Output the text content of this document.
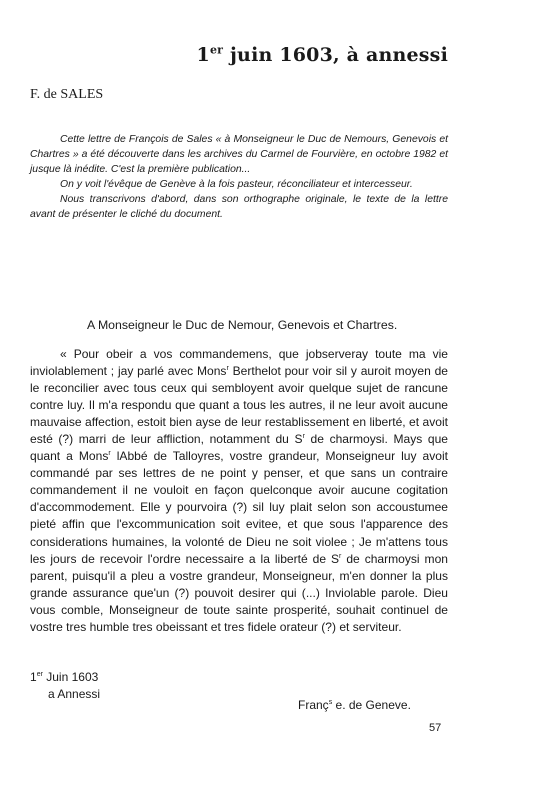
1er juin 1603, à annessi
F. de SALES

Cette lettre de François de Sales « à Monseigneur le Duc de Nemours, Genevois et Chartres » a été découverte dans les archives du Carmel de Fourvière, en octobre 1982 et jusque là inédite. C'est la première publication...

On y voit l'évêque de Genève à la fois pasteur, réconciliateur et intercesseur.

Nous transcrivons d'abord, dans son orthographe originale, le texte de la lettre avant de présenter le cliché du document.

A Monseigneur le Duc de Nemour, Genevois et Chartres.

« Pour obeir a vos commandemens, que jobserveray toute ma vie inviolablement ; jay parlé avec Mons$^r$ Berthelot pour voir sil y auroit moyen de le reconcilier avec tous ceux qui sembloyent avoir quelque sujet de rancune contre luy. Il m'a respondu que quant a tous les autres, il ne leur avoit aucune mauvaise affection, estoit bien ayse de leur restablissement en liberté, et avoit esté (?) marri de leur affliction, notamment du $S^r$ de charmoysi. Mays que quant a Mons$^r$ lAbbé de Talloyres, vostre grandeur, Monseigneur luy avoit commandé par ses lettres de ne point y penser, et que sans un contraire commandement il ne vouloit en façon quelconque avoir aucune cogitation d'accommodement. Elle y pourvoira (?) sil luy plait selon son accoustumee pieté affin que l'excommunication soit evitee, et que sous l'apparence des considerations humaines, la volonté de Dieu ne soit violee ; Je m'attens tous les jours de recevoir l'ordre necessaire a la liberté de $S^r$ de charmoysi mon parent, puisqu'il a pleu a vostre grandeur, Monseigneur, m'en donner la plus grande assurance que'un (?) pouvoit desirer qui (...) Inviolable parole. Dieu vous comble, Monseigneur de toute sainte prosperité, souhait continuel de vostre tres humble tres obeissant et tres fidele orateur (?) et serviteur.

1er Juin 1603
a Annessi
Franç$^s$ e. de Geneve.
57
